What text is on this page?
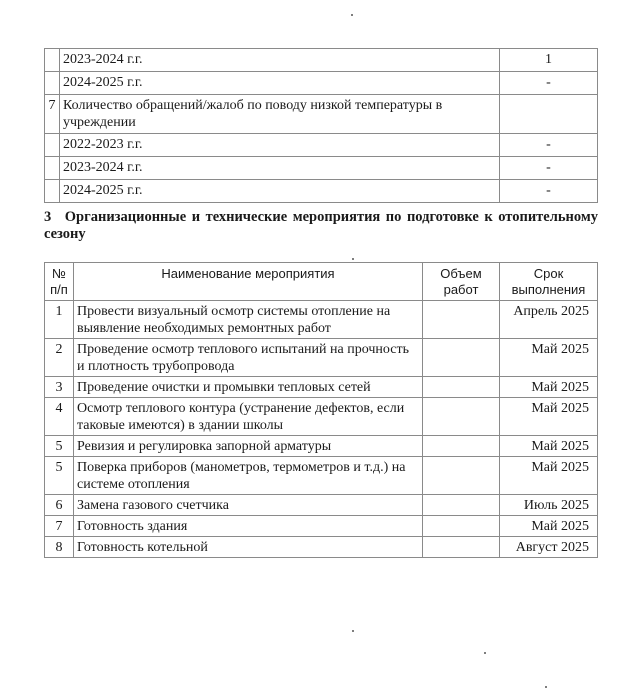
	2023-2024 г.г.	1
	2024-2025 г.г.	-
7	Количество обращений/жалоб по поводу низкой температуры в учреждении	
	2022-2023 г.г.	-
	2023-2024 г.г.	-
	2024-2025 г.г.	-
3 Организационные и технические мероприятия по подготовке к отопительному сезону
№ п/п	Наименование мероприятия	Объем работ	Срок выполнения
1	Провести визуальный осмотр системы отопление на выявление необходимых ремонтных работ		Апрель 2025
2	Проведение осмотр теплового испытаний на прочность и плотность трубопровода		Май 2025
3	Проведение очистки и промывки тепловых сетей		Май 2025
4	Осмотр теплового контура (устранение дефектов, если таковые имеются) в здании школы		Май 2025
5	Ревизия и регулировка запорной арматуры		Май 2025
5	Поверка приборов (манометров, термометров и т.д.) на системе отопления		Май 2025
6	Замена газового счетчика		Июль 2025
7	Готовность здания		Май 2025
8	Готовность котельной		Август 2025
